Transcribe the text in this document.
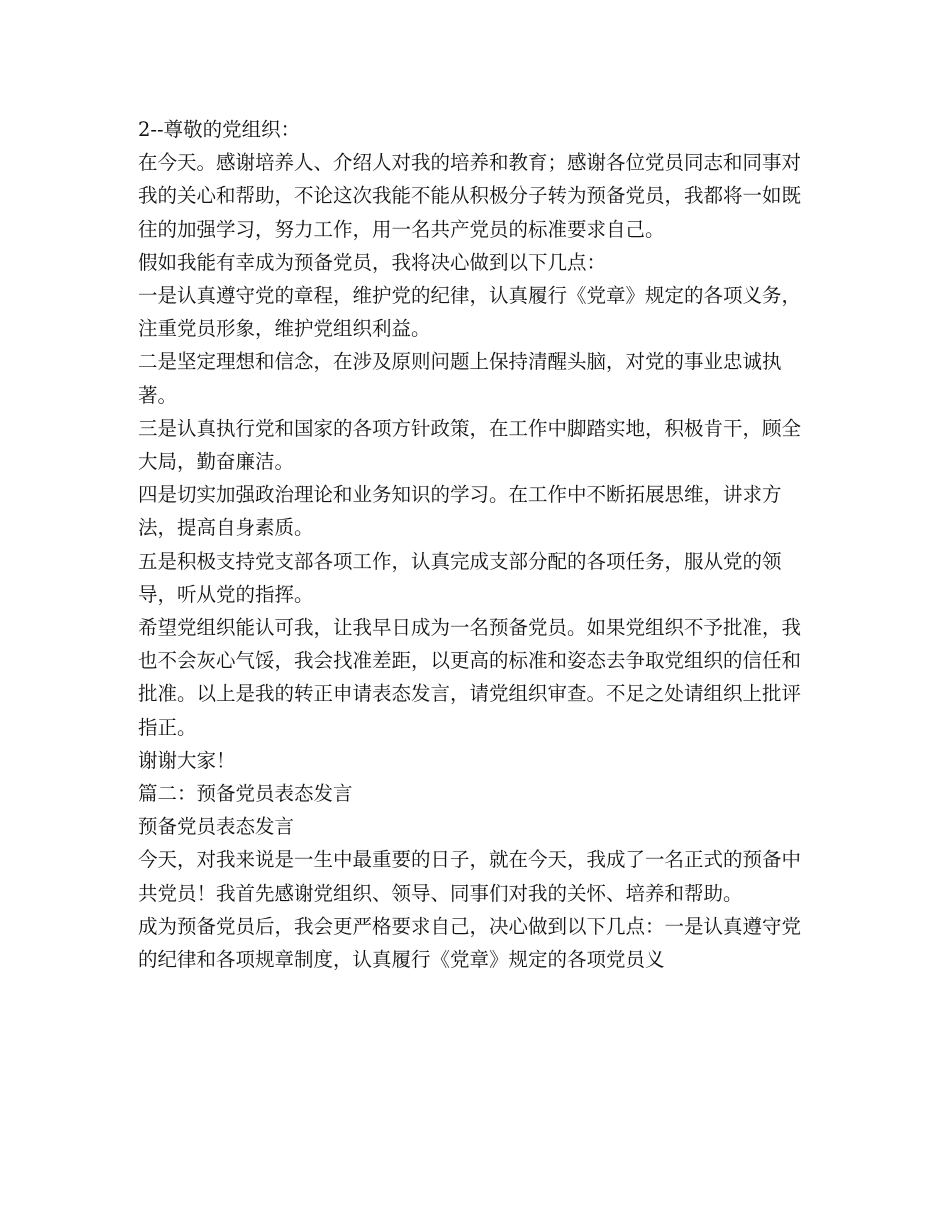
2--尊敬的党组织：

在今天。感谢培养人、介绍人对我的培养和教育；感谢各位党员同志和同事对我的关心和帮助，不论这次我能不能从积极分子转为预备党员，我都将一如既往的加强学习，努力工作，用一名共产党员的标准要求自己。

假如我能有幸成为预备党员，我将决心做到以下几点：

一是认真遵守党的章程，维护党的纪律，认真履行《党章》规定的各项义务，注重党员形象，维护党组织利益。

二是坚定理想和信念，在涉及原则问题上保持清醒头脑，对党的事业忠诚执著。

三是认真执行党和国家的各项方针政策，在工作中脚踏实地，积极肯干，顾全大局，勤奋廉洁。

四是切实加强政治理论和业务知识的学习。在工作中不断拓展思维，讲求方法，提高自身素质。

五是积极支持党支部各项工作，认真完成支部分配的各项任务，服从党的领导，听从党的指挥。

希望党组织能认可我，让我早日成为一名预备党员。如果党组织不予批准，我也不会灰心气馁，我会找准差距，以更高的标准和姿态去争取党组织的信任和批准。以上是我的转正申请表态发言，请党组织审查。不足之处请组织上批评指正。

谢谢大家！

篇二：预备党员表态发言

预备党员表态发言

今天，对我来说是一生中最重要的日子，就在今天，我成了一名正式的预备中共党员！我首先感谢党组织、领导、同事们对我的关怀、培养和帮助。

成为预备党员后，我会更严格要求自己，决心做到以下几点：一是认真遵守党的纪律和各项规章制度，认真履行《党章》规定的各项党员义
